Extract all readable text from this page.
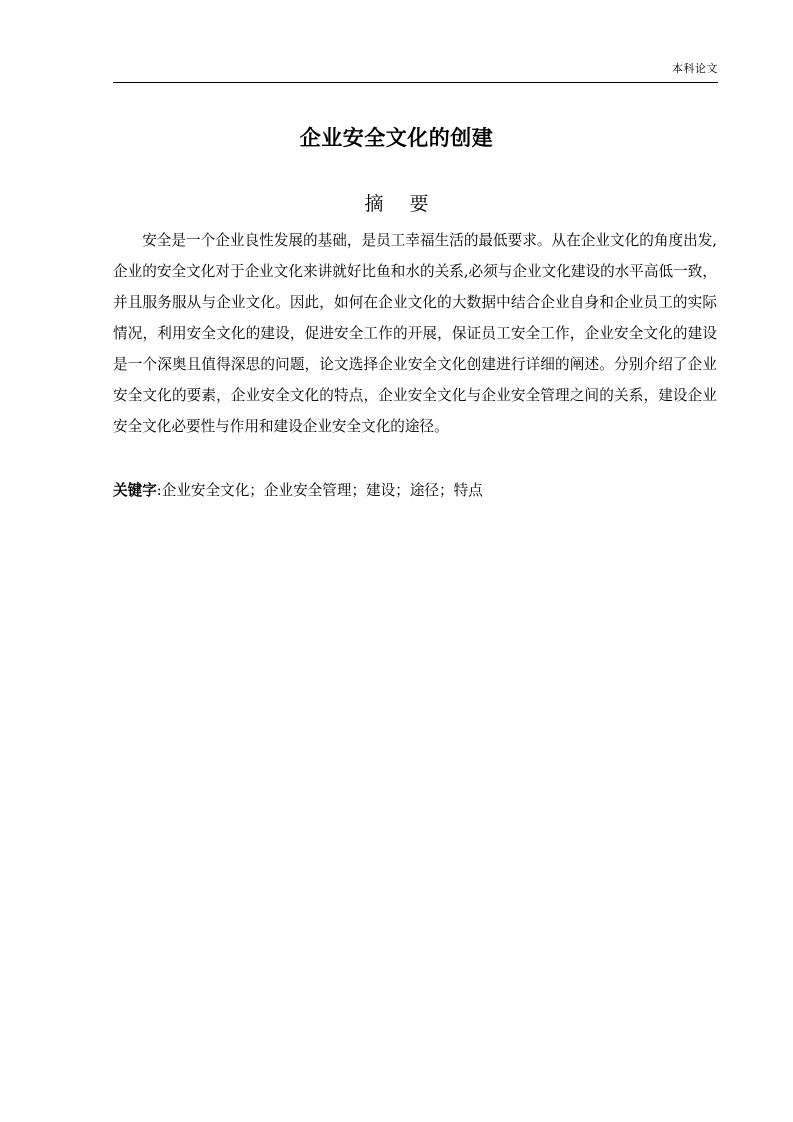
本科论文
企业安全文化的创建
摘要

安全是一个企业良性发展的基础，是员工幸福生活的最低要求。从在企业文化的角度出发,企业的安全文化对于企业文化来讲就好比鱼和水的关系,必须与企业文化建设的水平高低一致，并且服务服从与企业文化。因此，如何在企业文化的大数据中结合企业自身和企业员工的实际情况，利用安全文化的建设，促进安全工作的开展，保证员工安全工作，企业安全文化的建设是一个深奥且值得深思的问题，论文选择企业安全文化创建进行详细的阐述。分别介绍了企业安全文化的要素，企业安全文化的特点，企业安全文化与企业安全管理之间的关系，建设企业安全文化必要性与作用和建设企业安全文化的途径。

关键字:企业安全文化；企业安全管理；建设；途径；特点
